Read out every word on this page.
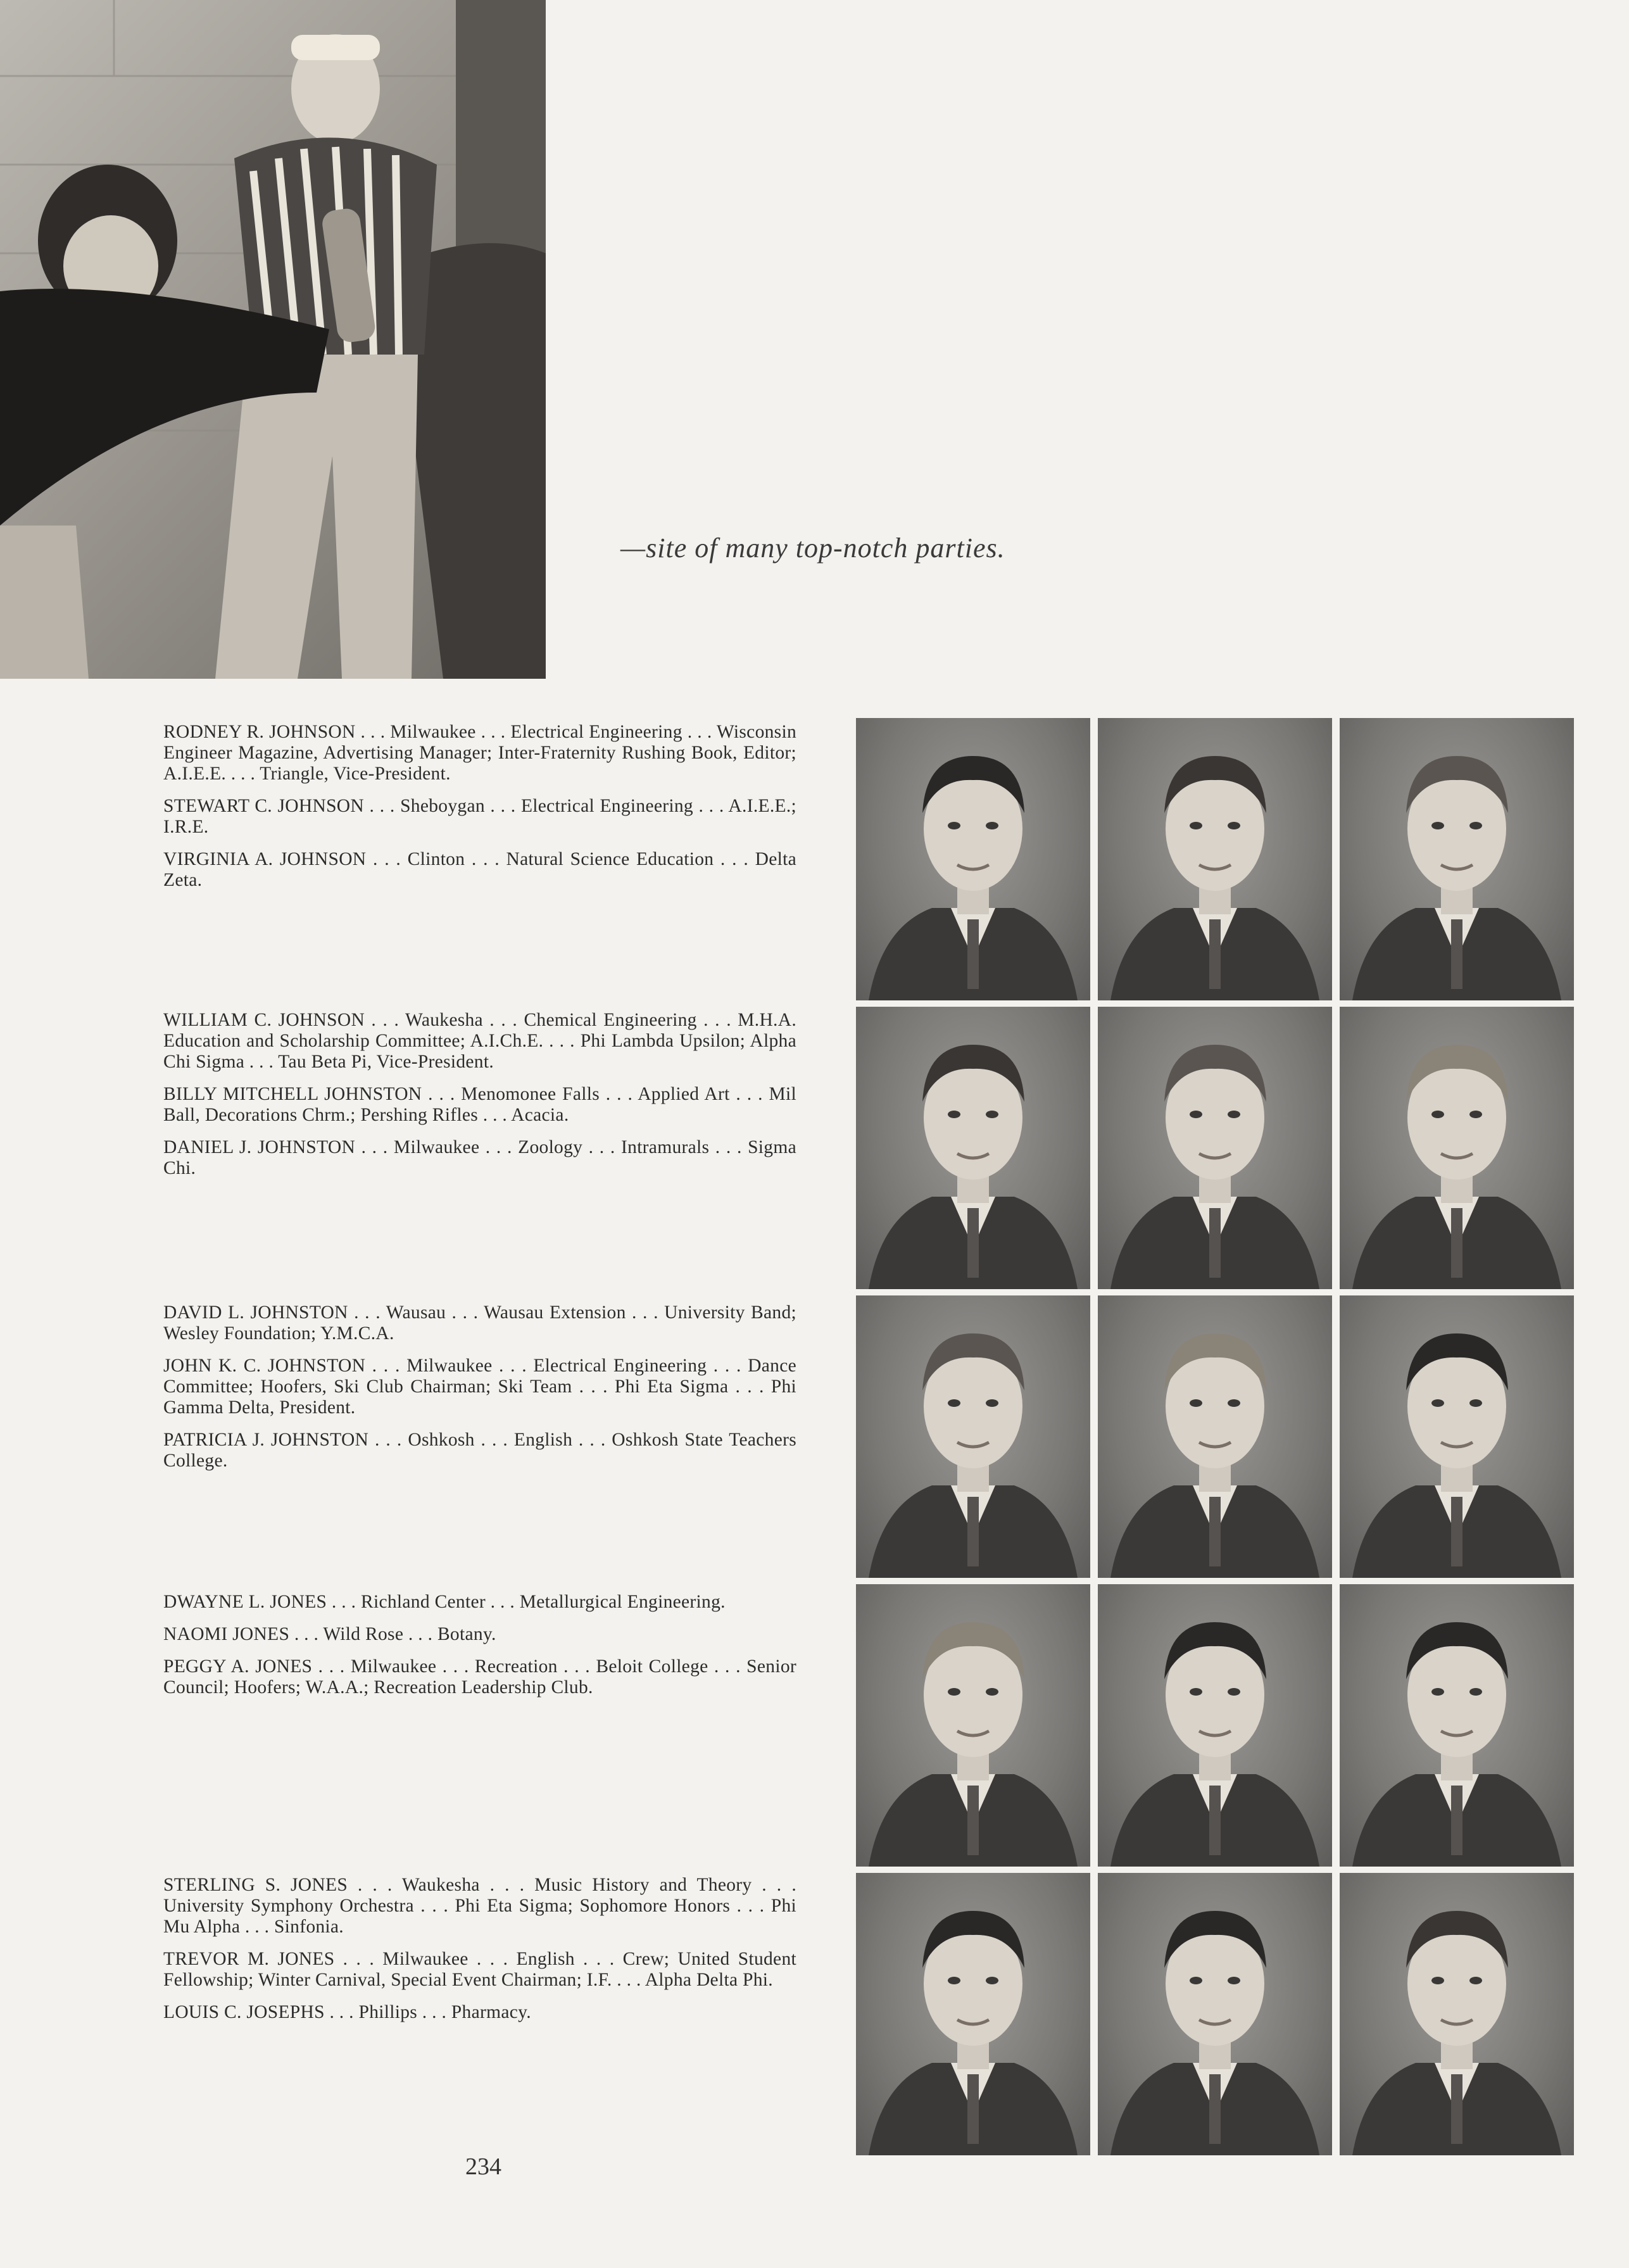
—site of many top-notch parties.

RODNEY R. JOHNSON . . . Milwaukee . . . Electrical Engineering . . . Wisconsin Engineer Magazine, Advertising Manager; Inter-Fraternity Rushing Book, Editor; A.I.E.E. . . . Triangle, Vice-President.

STEWART C. JOHNSON . . . Sheboygan . . . Electrical Engineering . . . A.I.E.E.; I.R.E.

VIRGINIA A. JOHNSON . . . Clinton . . . Natural Science Education . . . Delta Zeta.

WILLIAM C. JOHNSON . . . Waukesha . . . Chemical Engineering . . . M.H.A. Education and Scholarship Committee; A.I.Ch.E. . . . Phi Lambda Upsilon; Alpha Chi Sigma . . . Tau Beta Pi, Vice-President.

BILLY MITCHELL JOHNSTON . . . Menomonee Falls . . . Applied Art . . . Mil Ball, Decorations Chrm.; Pershing Rifles . . . Acacia.

DANIEL J. JOHNSTON . . . Milwaukee . . . Zoology . . . Intramurals . . . Sigma Chi.

DAVID L. JOHNSTON . . . Wausau . . . Wausau Extension . . . University Band; Wesley Foundation; Y.M.C.A.

JOHN K. C. JOHNSTON . . . Milwaukee . . . Electrical Engineering . . . Dance Committee; Hoofers, Ski Club Chairman; Ski Team . . . Phi Eta Sigma . . . Phi Gamma Delta, President.

PATRICIA J. JOHNSTON . . . Oshkosh . . . English . . . Oshkosh State Teachers College.

DWAYNE L. JONES . . . Richland Center . . . Metallurgical Engineering.

NAOMI JONES . . . Wild Rose . . . Botany.

PEGGY A. JONES . . . Milwaukee . . . Recreation . . . Beloit College . . . Senior Council; Hoofers; W.A.A.; Recreation Leadership Club.

STERLING S. JONES . . . Waukesha . . . Music History and Theory . . . University Symphony Orchestra . . . Phi Eta Sigma; Sophomore Honors . . . Phi Mu Alpha . . . Sinfonia.

TREVOR M. JONES . . . Milwaukee . . . English . . . Crew; United Student Fellowship; Winter Carnival, Special Event Chairman; I.F. . . . Alpha Delta Phi.

LOUIS C. JOSEPHS . . . Phillips . . . Pharmacy.

234
